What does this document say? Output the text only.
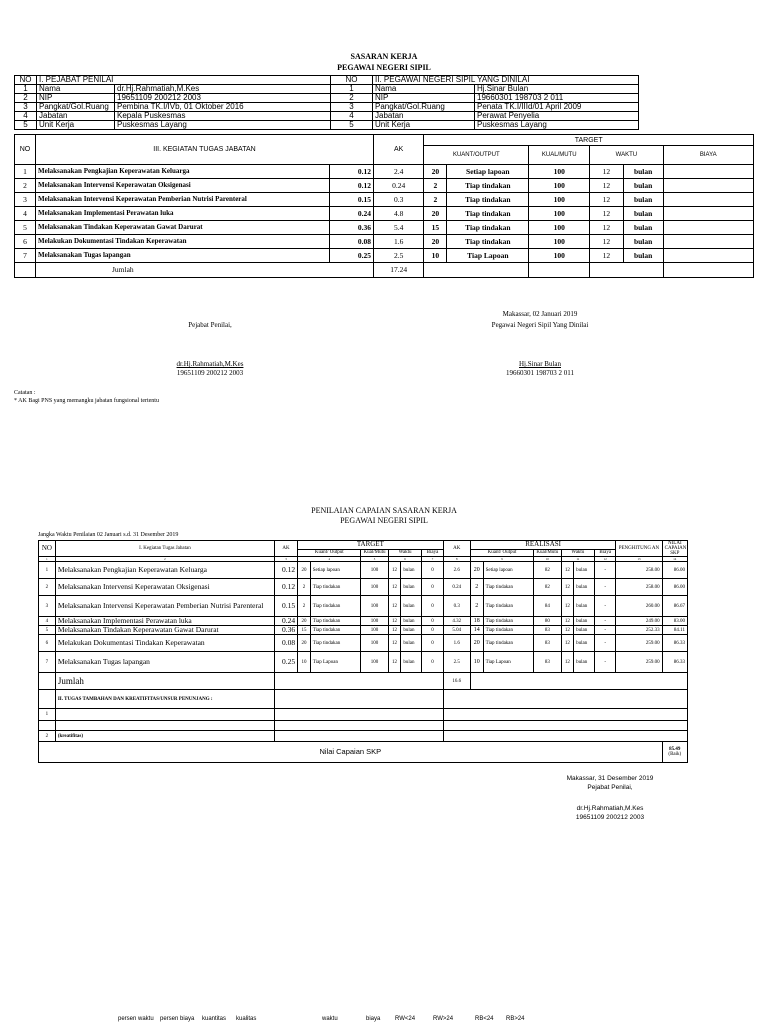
SASARAN KERJA
PEGAWAI NEGERI SIPIL
NO	I. PEJABAT PENILAI		NO	II. PEGAWAI NEGERI SIPIL YANG DINILAI	
1	Nama	dr.Hj.Rahmatiah,M.Kes	1	Nama	Hj.Sinar Bulan
2	NIP	19651109 200212 2003	2	NIP	19660301 198703 2 011
3	Pangkat/Gol.Ruang	Pembina TK.I/IVb, 01 Oktober 2016	3	Pangkat/Gol.Ruang	Penata TK.I/IIId/01 April 2009
4	Jabatan	Kepala Puskesmas	4	Jabatan	Perawat Penyelia
5	Unit Kerja	Puskesmas Layang	5	Unit Kerja	Puskesmas Layang
NO	III. KEGIATAN TUGAS JABATAN		AK	TARGET					
				KUANT/OUTPUT		KUAL/MUTU	WAKTU		BIAYA
1	Melaksanakan Pengkajian Keperawatan Keluarga	0.12	2.4	20	Setiap lapoan	100	12	bulan	
2	Melaksanakan Intervensi Keperawatan Oksigenasi	0.12	0.24	2	Tiap tindakan	100	12	bulan	
3	Melaksanakan Intervensi Keperawatan Pemberian Nutrisi Parenteral	0.15	0.3	2	Tiap tindakan	100	12	bulan	
4	Melaksanakan Implementasi Perawatan luka	0.24	4.8	20	Tiap tindakan	100	12	bulan	
5	Melaksanakan Tindakan Keperawatan Gawat Darurat	0.36	5.4	15	Tiap tindakan	100	12	bulan	
6	Melakukan Dokumentasi Tindakan Keperawatan	0.08	1.6	20	Tiap tindakan	100	12	bulan	
7	Melaksanakan Tugas lapangan	0.25	2.5	10	Tiap Lapoan	100	12	bulan	
	Jumlah		17.24						
Makassar, 02 Januari 2019
Pejabat Penilai,	Pegawai Negeri Sipil Yang Dinilai
dr.Hj.Rahmatiah,M.Kes
19651109 200212 2003
Hj.Sinar Bulan
19660301 198703 2 011
Catatan :
* AK Bagi PNS yang memangku jabatan fungsional tertentu
PENILAIAN CAPAIAN SASARAN KERJA
PEGAWAI NEGERI SIPIL
Jangka Waktu Penilaian 02 Januari s.d. 31 Desember 2019
NO	I. Kegiatan Tugas Jabatan	AK	TARGET						AK	REALISASI						PENGHITUNG AN	NILAI CAPAIAN SKP
			Kuant/ Output		Kual/Mutu	Waktu		Biaya		Kuant/ Output		Kual/Mutu	Waktu		Biaya		
1	2	3	4		5	6		7	8	9		10	11		12	13	14
1	Melaksanakan Pengkajian Keperawatan Keluarga	0.12	20	Setiap lapoan	100	12	bulan	0	2.6	20	Setiap lapoan	82	12	bulan	-	258.00	86.00
2	Melaksanakan Intervensi Keperawatan Oksigenasi	0.12	2	Tiap tindakan	100	12	bulan	0	0.24	2	Tiap tindakan	82	12	bulan	-	258.00	86.00
3	Melaksanakan Intervensi Keperawatan Pemberian Nutrisi Parenteral	0.15	2	Tiap tindakan	100	12	bulan	0	0.3	2	Tiap tindakan	84	12	bulan	-	260.00	86.67
4	Melaksanakan Implementasi Perawatan luka	0.24	20	Tiap tindakan	100	12	bulan	0	4.32	18	Tiap tindakan	80	12	bulan	-	249.00	83.00
5	Melaksanakan Tindakan Keperawatan Gawat Darurat	0.36	15	Tiap tindakan	100	12	bulan	0	5.04	14	Tiap tindakan	83	12	bulan	-	252.33	84.11
6	Melakukan Dokumentasi Tindakan Keperawatan	0.08	20	Tiap tindakan	100	12	bulan	0	1.6	20	Tiap tindakan	83	12	bulan	-	259.00	86.33
7	Melaksanakan Tugas lapangan	0.25	10	Tiap Lapoan	100	12	bulan	0	2.5	10	Tiap Lapoan	83	12	bulan	-	259.00	86.33
	Jumlah								16.6								
	II. TUGAS TAMBAHAN DAN KREATIFITAS/UNSUR PENUNJANG :																
1																	

2	(kreatifitas)																
Nilai Capaian SKP																	85.49
(Baik)
Makassar, 31 Desember 2019
Pejabat Penilai,
dr.Hj.Rahmatiah,M.Kes
19651109 200212 2003
persen waktu persen biaya kuantitas kualitas	waktu	biaya RW<24	RW>24	RB<24 RB>24
